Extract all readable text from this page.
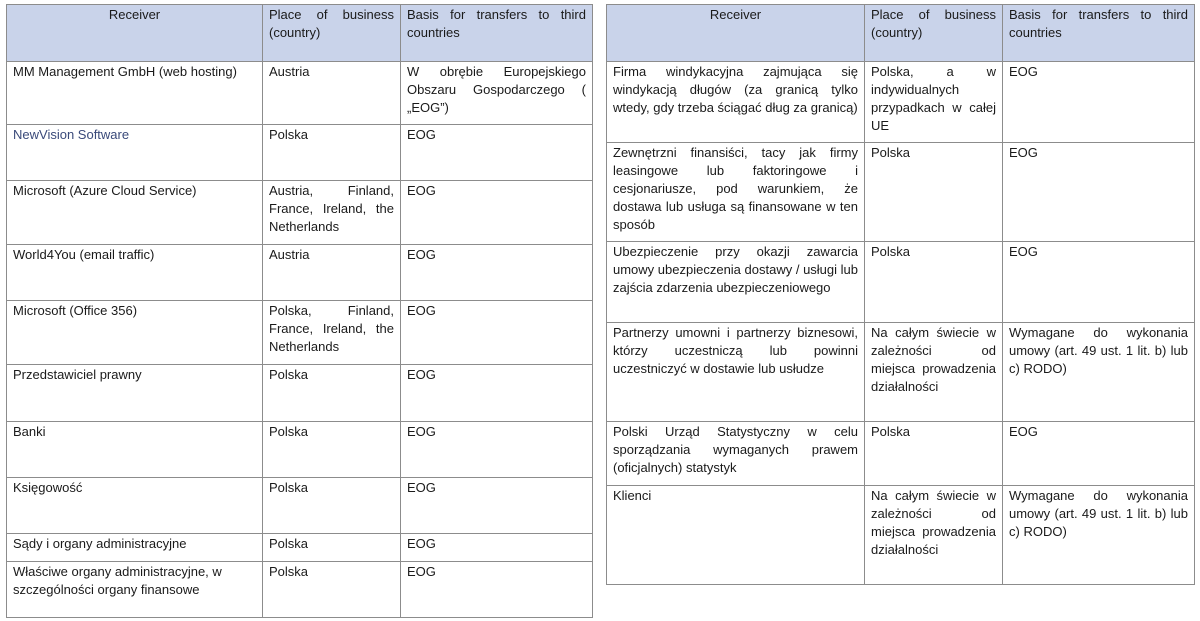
Receiver	Place of business (country)	Basis for transfers to third countries
MM Management GmbH (web hosting)	Austria	W obrębie Europejskiego Obszaru Gospodarczego ( „EOG”)
NewVision Software	Polska	EOG
Microsoft (Azure Cloud Service)	Austria, Finland, France, Ireland, the Netherlands	EOG
World4You (email traffic)	Austria	EOG
Microsoft (Office 356)	Polska, Finland, France, Ireland, the Netherlands	EOG
Przedstawiciel prawny	Polska	EOG
Banki	Polska	EOG
Księgowość	Polska	EOG
Sądy i organy administracyjne	Polska	EOG
Właściwe organy administracyjne, w szczególności organy finansowe	Polska	EOG
Receiver	Place of business (country)	Basis for transfers to third countries
Firma windykacyjna zajmująca się windykacją długów (za granicą tylko wtedy, gdy trzeba ściągać dług za granicą)	Polska, a w indywidualnych przypadkach w całej UE	EOG
Zewnętrzni finansiści, tacy jak firmy leasingowe lub faktoringowe i cesjonariusze, pod warunkiem, że dostawa lub usługa są finansowane w ten sposób	Polska	EOG
Ubezpieczenie przy okazji zawarcia umowy ubezpieczenia dostawy / usługi lub zajścia zdarzenia ubezpieczeniowego	Polska	EOG
Partnerzy umowni i partnerzy biznesowi, którzy uczestniczą lub powinni uczestniczyć w dostawie lub usłudze	Na całym świecie w zależności od miejsca prowadzenia działalności	Wymagane do wykonania umowy (art. 49 ust. 1 lit. b) lub c) RODO)
Polski Urząd Statystyczny w celu sporządzania wymaganych prawem (oficjalnych) statystyk	Polska	EOG
Klienci	Na całym świecie w zależności od miejsca prowadzenia działalności	Wymagane do wykonania umowy (art. 49 ust. 1 lit. b) lub c) RODO)
